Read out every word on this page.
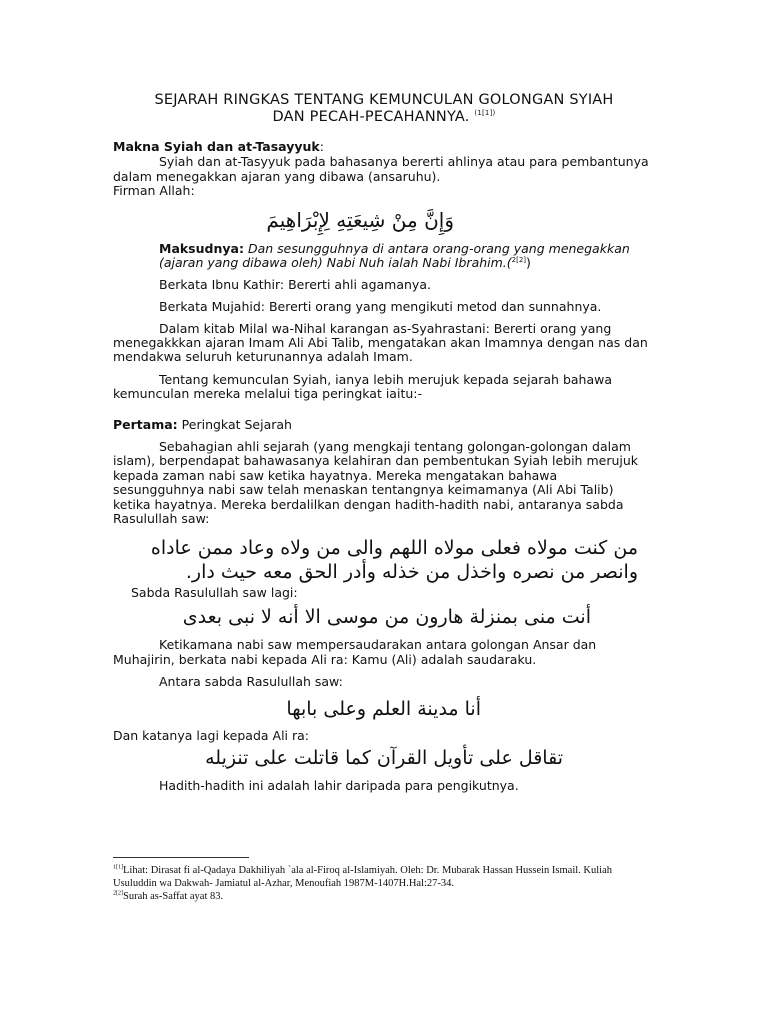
SEJARAH RINGKAS TENTANG KEMUNCULAN GOLONGAN SYIAH
DAN PECAH-PECAHANNYA. $^{(1[1])}$
Makna Syiah dan at-Tasayyuk:
Syiah dan at-Tasyyuk pada bahasanya bererti ahlinya atau para pembantunya
dalam menegakkan ajaran yang dibawa (ansaruhu).
Firman Allah:
وَإِنَّ مِنْ شِيعَتِهِ لِإِبْرَاهِيمَ
Maksudnya: Dan sesungguhnya di antara orang-orang yang menegakkan
(ajaran yang dibawa oleh) Nabi Nuh ialah Nabi Ibrahim.($^{2[2]}$)
Berkata Ibnu Kathir: Bererti ahli agamanya.
Berkata Mujahid: Bererti orang yang mengikuti metod dan sunnahnya.
Dalam kitab Milal wa-Nihal karangan as-Syahrastani: Bererti orang yang
menegakkkan ajaran Imam Ali Abi Talib, mengatakan akan Imamnya dengan nas dan
mendakwa seluruh keturunannya adalah Imam.
Tentang kemunculan Syiah, ianya lebih merujuk kepada sejarah bahawa
kemunculan mereka melalui tiga peringkat iaitu:-
Pertama: Peringkat Sejarah
Sebahagian ahli sejarah (yang mengkaji tentang golongan-golongan dalam
islam), berpendapat bahawasanya kelahiran dan pembentukan Syiah lebih merujuk
kepada zaman nabi saw ketika hayatnya. Mereka mengatakan bahawa
sesungguhnya nabi saw telah menaskan tentangnya keimamanya (Ali Abi Talib)
ketika hayatnya. Mereka berdalilkan dengan hadith-hadith nabi, antaranya sabda
Rasulullah saw:
من كنت مولاه فعلى مولاه اللهم والى من ولاه وعاد ممن عاداه
وانصر من نصره واخذل من خذله وأدر الحق معه حيث دار.
Sabda Rasulullah saw lagi:
أنت منى بمنزلة هارون من موسى الا أنه لا نبى بعدى
Ketikamana nabi saw mempersaudarakan antara golongan Ansar dan
Muhajirin, berkata nabi kepada Ali ra: Kamu (Ali) adalah saudaraku.
Antara sabda Rasulullah saw:
أنا مدينة العلم وعلى بابها
Dan katanya lagi kepada Ali ra:
تقاقل على تأويل القرآن كما قاتلت على تنزيله
Hadith-hadith ini adalah lahir daripada para pengikutnya.
$^{1[1]}$Lihat: Dirasat fi al-Qadaya Dakhiliyah `ala al-Firoq al-Islamiyah. Oleh: Dr. Mubarak Hassan Hussein Ismail. Kuliah
Usuluddin wa Dakwah- Jamiatul al-Azhar, Menoufiah 1987M-1407H.Hal:27-34.
$^{2[2]}$Surah as-Saffat ayat 83.
